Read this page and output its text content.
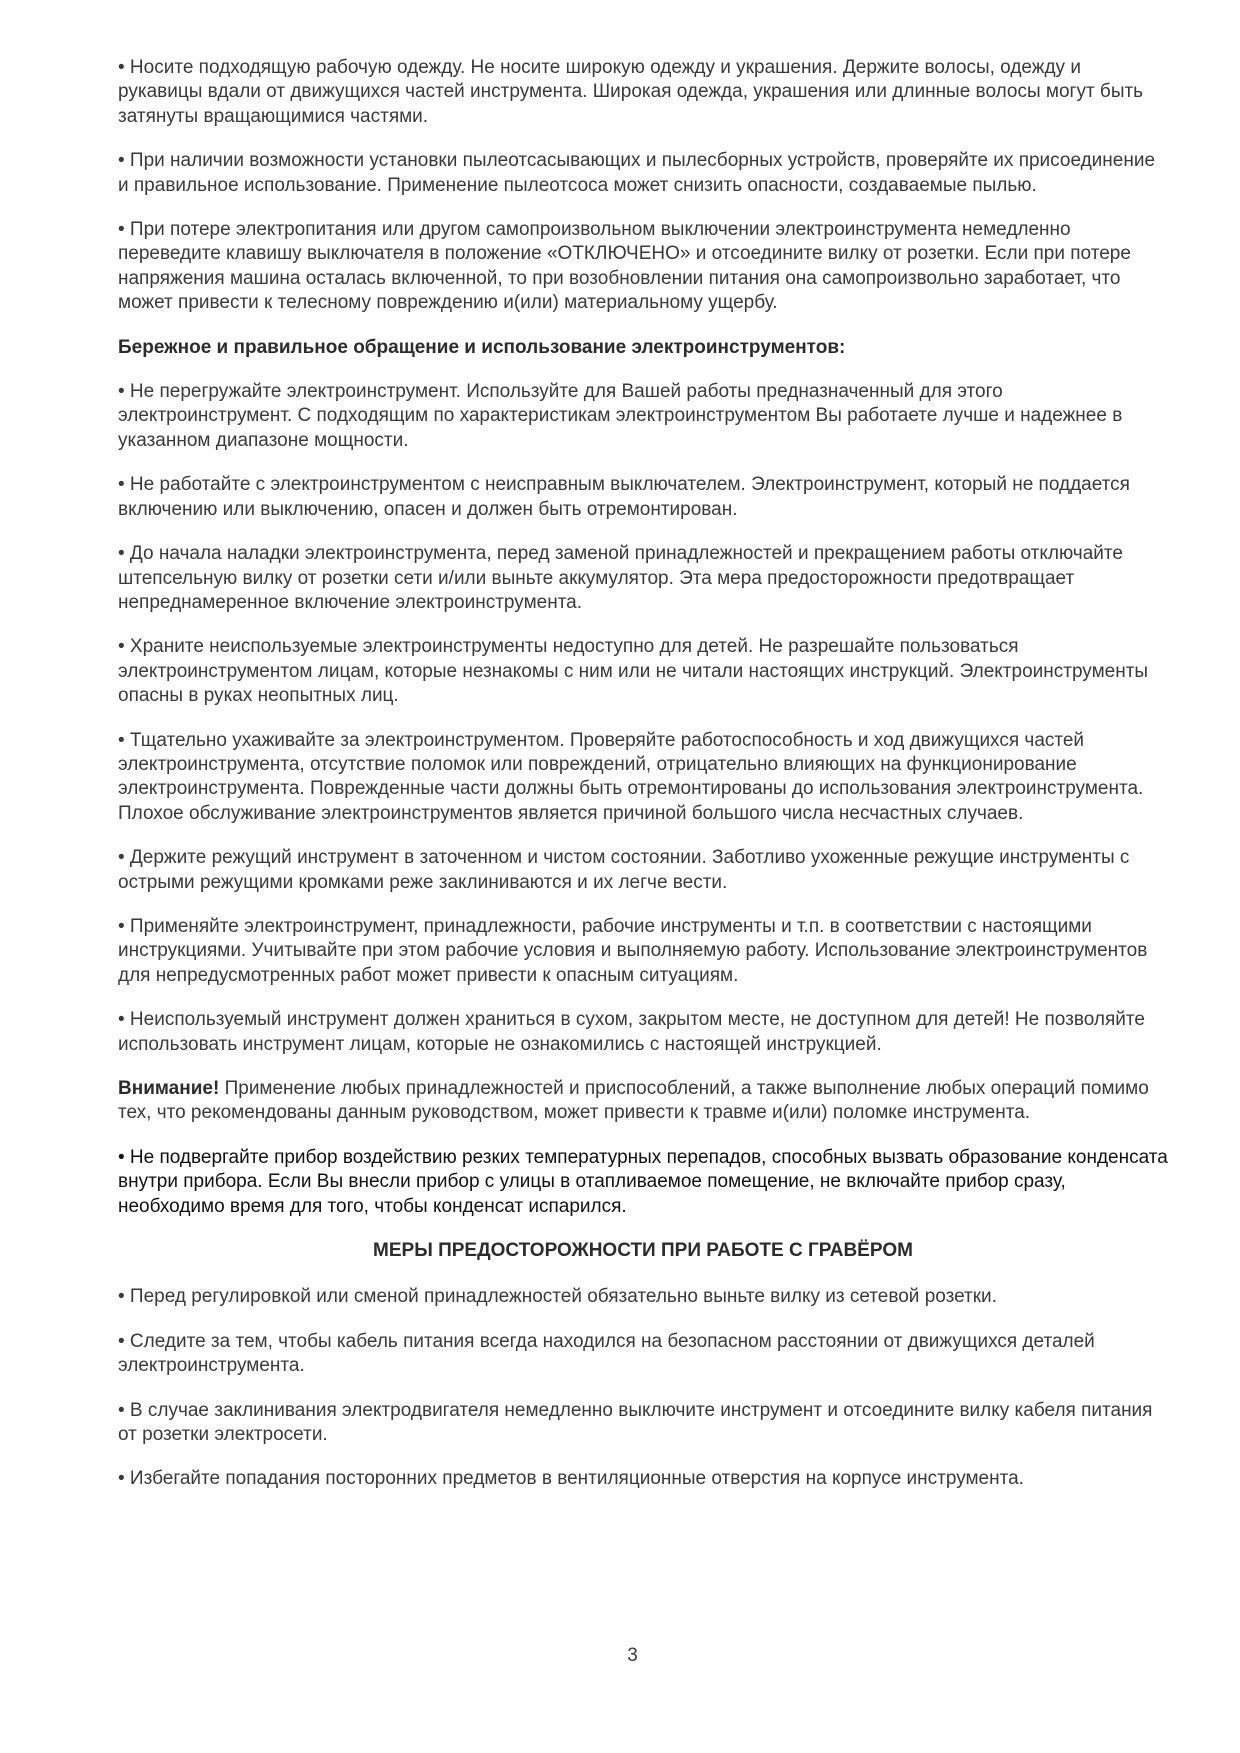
• Носите подходящую рабочую одежду. Не носите широкую одежду и украшения. Держите волосы, одежду и рукавицы вдали от движущихся частей инструмента. Широкая одежда, украшения или длинные волосы могут быть затянуты вращающимися частями.

• При наличии возможности установки пылеотсасывающих и пылесборных устройств, проверяйте их присоединение и правильное использование. Применение пылеотсоса может снизить опасности, создаваемые пылью.

• При потере электропитания или другом самопроизвольном выключении электроинструмента немедленно переведите клавишу выключателя в положение «ОТКЛЮЧЕНО» и отсоедините вилку от розетки. Если при потере напряжения машина осталась включенной, то при возобновлении питания она самопроизвольно заработает, что может привести к телесному повреждению и(или) материальному ущербу.

Бережное и правильное обращение и использование электроинструментов:

• Не перегружайте электроинструмент. Используйте для Вашей работы предназначенный для этого электроинструмент. С подходящим по характеристикам электроинструментом Вы работаете лучше и надежнее в указанном диапазоне мощности.

• Не работайте с электроинструментом с неисправным выключателем. Электроинструмент, который не поддается включению или выключению, опасен и должен быть отремонтирован.

• До начала наладки электроинструмента, перед заменой принадлежностей и прекращением работы отключайте штепсельную вилку от розетки сети и/или выньте аккумулятор. Эта мера предосторожности предотвращает непреднамеренное включение электроинструмента.

• Храните неиспользуемые электроинструменты недоступно для детей. Не разрешайте пользоваться электроинструментом лицам, которые незнакомы с ним или не читали настоящих инструкций. Электроинструменты опасны в руках неопытных лиц.

• Тщательно ухаживайте за электроинструментом. Проверяйте работоспособность и ход движущихся частей электроинструмента, отсутствие поломок или повреждений, отрицательно влияющих на функционирование электроинструмента. Поврежденные части должны быть отремонтированы до использования электроинструмента. Плохое обслуживание электроинструментов является причиной большого числа несчастных случаев.

• Держите режущий инструмент в заточенном и чистом состоянии. Заботливо ухоженные режущие инструменты с острыми режущими кромками реже заклиниваются и их легче вести.

• Применяйте электроинструмент, принадлежности, рабочие инструменты и т.п. в соответствии с настоящими инструкциями. Учитывайте при этом рабочие условия и выполняемую работу. Использование электроинструментов для непредусмотренных работ может привести к опасным ситуациям.

• Неиспользуемый инструмент должен храниться в сухом, закрытом месте, не доступном для детей! Не позволяйте использовать инструмент лицам, которые не ознакомились с настоящей инструкцией.

Внимание! Применение любых принадлежностей и приспособлений, а также выполнение любых операций помимо тех, что рекомендованы данным руководством, может привести к травме и(или) поломке инструмента.

• Не подвергайте прибор воздействию резких температурных перепадов, способных вызвать образование конденсата внутри прибора. Если Вы внесли прибор с улицы в отапливаемое помещение, не включайте прибор сразу, необходимо время для того, чтобы конденсат испарился.

МЕРЫ ПРЕДОСТОРОЖНОСТИ ПРИ РАБОТЕ С ГРАВЁРОМ

• Перед регулировкой или сменой принадлежностей обязательно выньте вилку из сетевой розетки.

• Следите за тем, чтобы кабель питания всегда находился на безопасном расстоянии от движущихся деталей электроинструмента.

• В случае заклинивания электродвигателя немедленно выключите инструмент и отсоедините вилку кабеля питания от розетки электросети.

• Избегайте попадания посторонних предметов в вентиляционные отверстия на корпусе инструмента.

3
